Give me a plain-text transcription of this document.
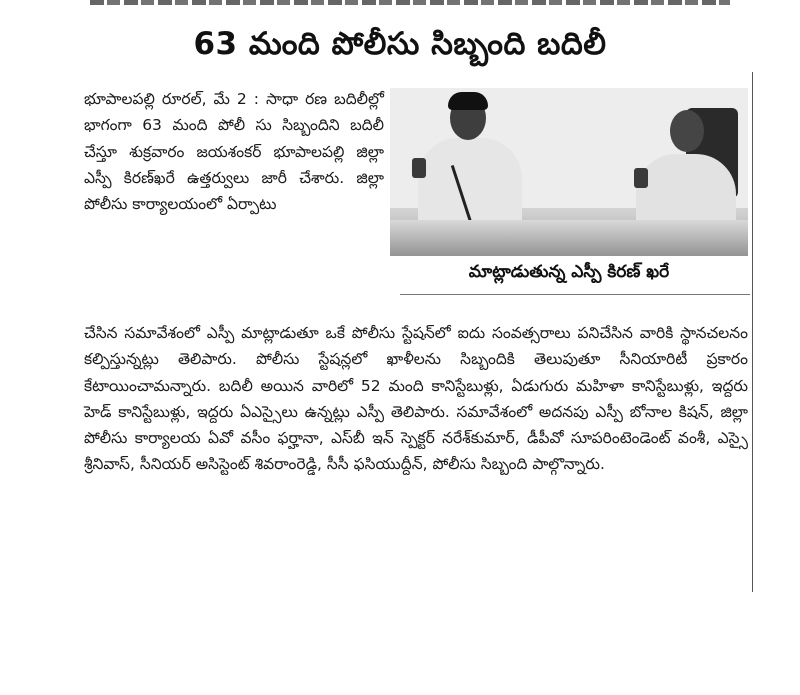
63 మంది పోలీసు సిబ్బంది బదిలీ

భూపాలపల్లి రూరల్, మే 2 : సాధా రణ బదిలీల్లో భాగంగా 63 మంది పోలీ సు సిబ్బందిని బదిలీ చేస్తూ శుక్రవారం జయశంకర్ భూపాలపల్లి జిల్లా ఎస్పీ కిరణ్‌ఖరే ఉత్తర్వులు జారీ చేశారు. జిల్లా పోలీసు కార్యాలయంలో ఏర్పాటు

మాట్లాడుతున్న ఎస్పీ కిరణ్ ఖరే

చేసిన సమావేశంలో ఎస్పీ మాట్లాడుతూ ఒకే పోలీసు స్టేషన్‌లో ఐదు సంవత్సరాలు పనిచేసిన వారికి స్థానచలనం కల్పిస్తున్నట్లు తెలిపారు. పోలీసు స్టేషన్లలో ఖాళీలను సిబ్బందికి తెలుపుతూ సీనియారిటీ ప్రకారం కేటాయించామన్నారు. బదిలీ అయిన వారిలో 52 మంది కానిస్టేబుళ్లు, ఏడుగురు మహిళా కానిస్టేబుళ్లు, ఇద్దరు హెడ్ కానిస్టేబుళ్లు, ఇద్దరు ఏఎస్సైలు ఉన్నట్లు ఎస్పీ తెలిపారు. సమావేశంలో అదనపు ఎస్పీ బోనాల కిషన్, జిల్లా పోలీసు కార్యాలయ ఏవో వసీం ఫర్హానా, ఎస్‌బీ ఇన్ స్పెక్టర్ నరేశ్‌కుమార్, డీపీవో సూపరింటెండెంట్ వంశీ, ఎస్సై శ్రీనివాస్, సీనియర్ అసిస్టెంట్ శివరాంరెడ్డి, సీసీ ఫసియుద్దీన్, పోలీసు సిబ్బంది పాల్గొన్నారు.
